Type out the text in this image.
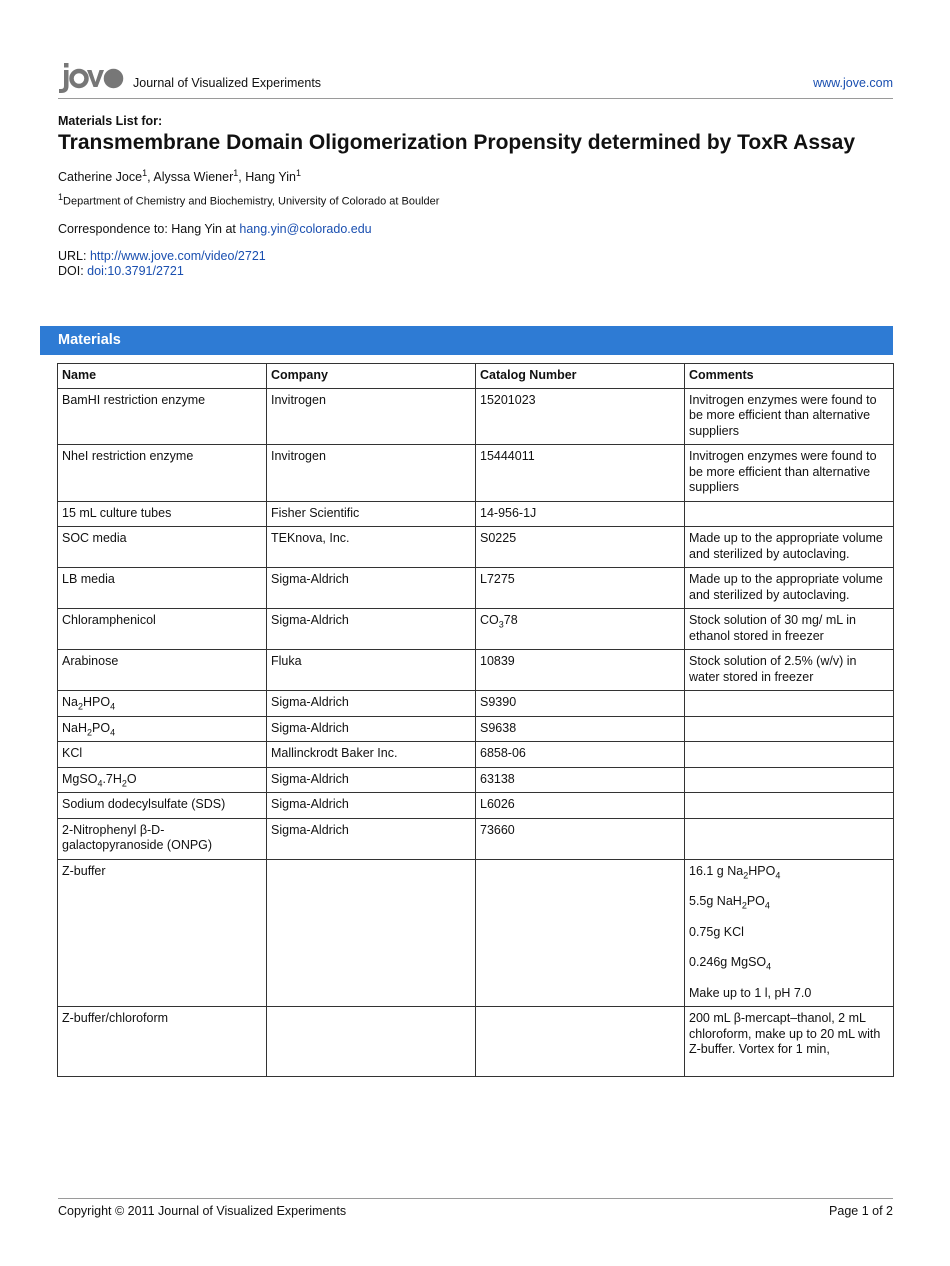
Journal of Visualized Experiments	www.jove.com
Materials List for:
Transmembrane Domain Oligomerization Propensity determined by ToxR Assay
Catherine Joce$^1$, Alyssa Wiener$^1$, Hang Yin$^1$
$^1$Department of Chemistry and Biochemistry, University of Colorado at Boulder
Correspondence to: Hang Yin at hang.yin@colorado.edu
URL: http://www.jove.com/video/2721
DOI: doi:10.3791/2721
Materials
Name	Company	Catalog Number	Comments
BamHI restriction enzyme	Invitrogen	15201023	Invitrogen enzymes were found to be more efficient than alternative suppliers
NheI restriction enzyme	Invitrogen	15444011	Invitrogen enzymes were found to be more efficient than alternative suppliers
15 mL culture tubes	Fisher Scientific	14-956-1J	
SOC media	TEKnova, Inc.	S0225	Made up to the appropriate volume and sterilized by autoclaving.
LB media	Sigma-Aldrich	L7275	Made up to the appropriate volume and sterilized by autoclaving.
Chloramphenicol	Sigma-Aldrich	$CO_378$	Stock solution of 30 mg/ mL in ethanol stored in freezer
Arabinose	Fluka	10839	Stock solution of 2.5% (w/v) in water stored in freezer
$Na_2HPO_4$	Sigma-Aldrich	S9390	
$NaH_2PO_4$	Sigma-Aldrich	S9638	
KCl	Mallinckrodt Baker Inc.	6858-06	
$MgSO_4.7H_2O$	Sigma-Aldrich	63138	
Sodium dodecylsulfate (SDS)	Sigma-Aldrich	L6026	
2-Nitrophenyl β-D-galactopyranoside (ONPG)	Sigma-Aldrich	73660	
Z-buffer			16.1 g $Na_2HPO_4$
5.5g $NaH_2PO_4$
0.75g KCl
0.246g MgSO$_4$
Make up to 1 l, pH 7.0

Z-buffer/chloroform			200 mL β-mercapt–thanol, 2 mL chloroform, make up to 20 mL with Z-buffer. Vortex for 1 min,
Copyright © 2011 Journal of Visualized Experiments	Page 1 of 2
